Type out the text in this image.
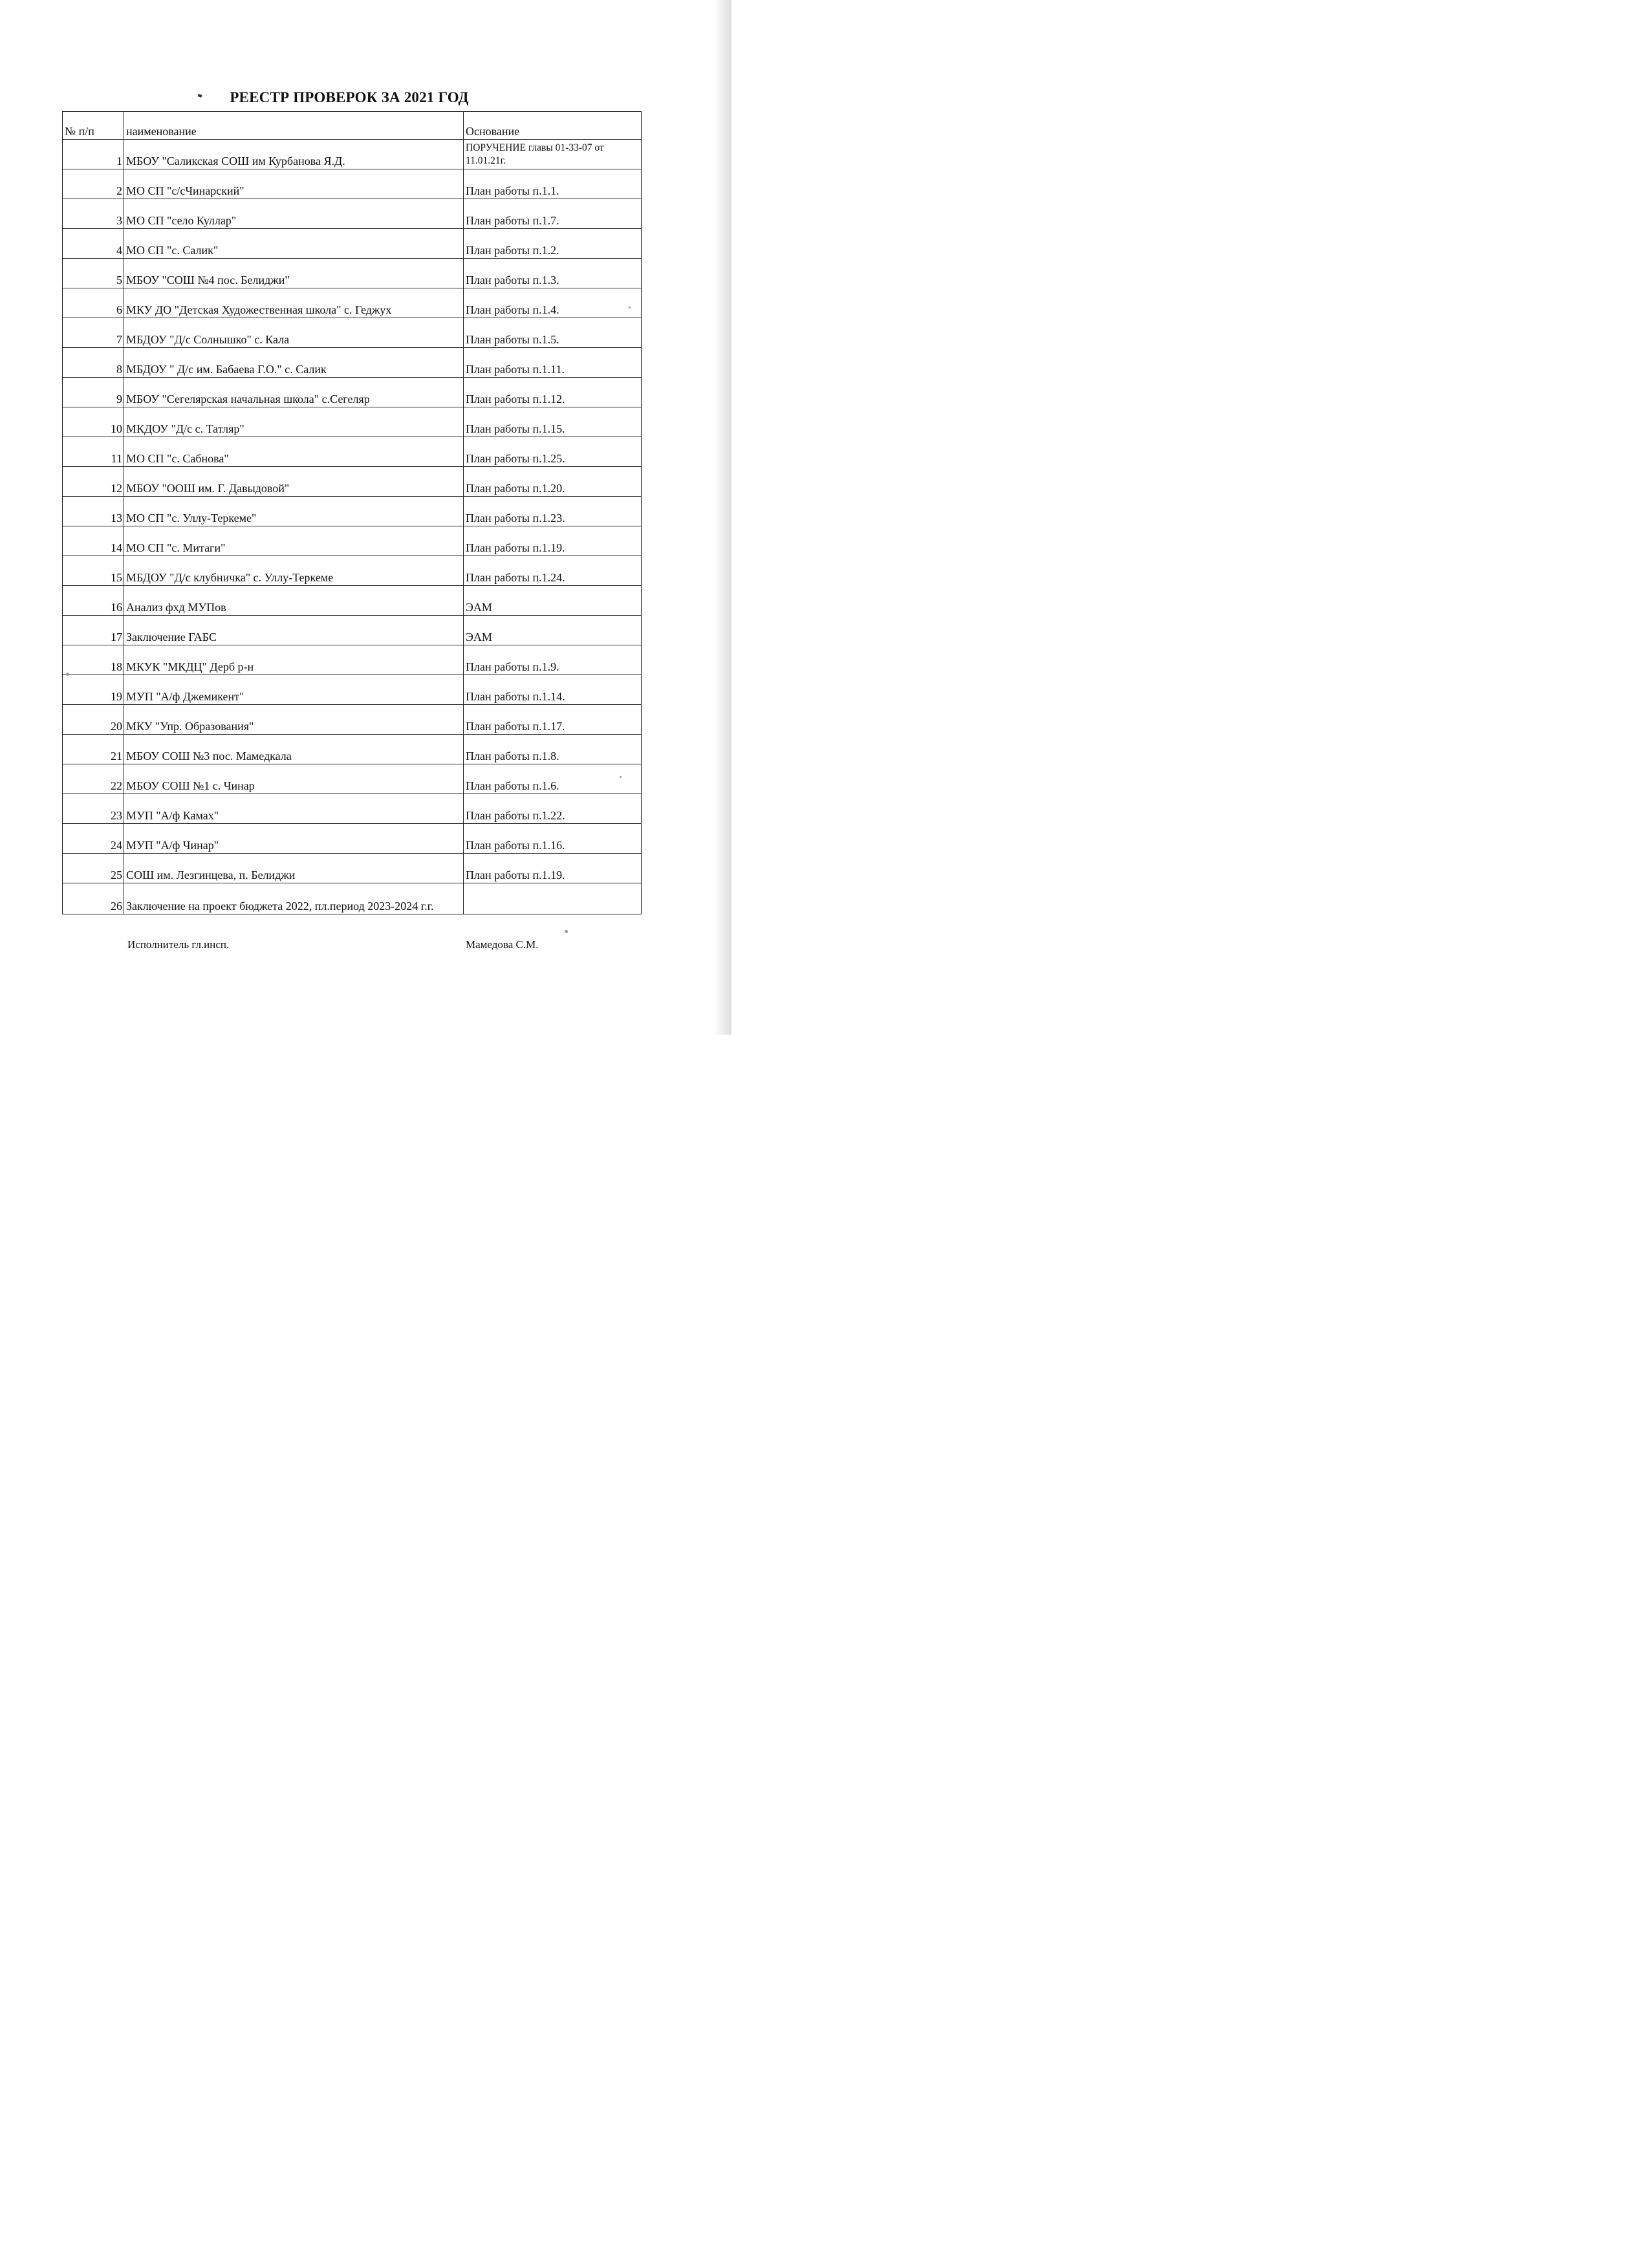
РЕЕСТР ПРОВЕРОК ЗА 2021 ГОД
№ п/п	наименование	Основание
1	МБОУ "Саликская СОШ им Курбанова Я.Д.	ПОРУЧЕНИЕ главы 01-33-07 от 11.01.21г.
2	МО СП "с/сЧинарский"	План работы п.1.1.
3	МО СП "село Куллар"	План работы п.1.7.
4	МО СП "с. Салик"	План работы п.1.2.
5	МБОУ "СОШ №4 пос. Белиджи"	План работы п.1.3.
6	МКУ ДО "Детская Художественная школа" с. Геджух	План работы п.1.4.
7	МБДОУ "Д/с Солнышко" с. Кала	План работы п.1.5.
8	МБДОУ " Д/с им. Бабаева Г.О." с. Салик	План работы п.1.11.
9	МБОУ "Сегелярская начальная школа" с.Сегеляр	План работы п.1.12.
10	МКДОУ "Д/с с. Татляр"	План работы п.1.15.
11	МО СП "с. Сабнова"	План работы п.1.25.
12	МБОУ "ООШ им. Г. Давыдовой"	План работы п.1.20.
13	МО СП "с. Уллу-Теркеме"	План работы п.1.23.
14	МО СП "с. Митаги"	План работы п.1.19.
15	МБДОУ "Д/с клубничка" с. Уллу-Теркеме	План работы п.1.24.
16	Анализ фхд МУПов	ЭАМ
17	Заключение ГАБС	ЭАМ
18	МКУК "МКДЦ" Дерб р-н	План работы п.1.9.
19	МУП "А/ф Джемикент"	План работы п.1.14.
20	МКУ "Упр. Образования"	План работы п.1.17.
21	МБОУ СОШ №3 пос. Мамедкала	План работы п.1.8.
22	МБОУ СОШ №1 с. Чинар	План работы п.1.6.
23	МУП "А/ф Камах"	План работы п.1.22.
24	МУП "А/ф Чинар"	План работы п.1.16.
25	СОШ им. Лезгинцева, п. Белиджи	План работы п.1.19.
26	Заключение на проект бюджета 2022, пл.период 2023-2024 г.г.	
Исполнитель гл.инсп.	Мамедова С.М.
